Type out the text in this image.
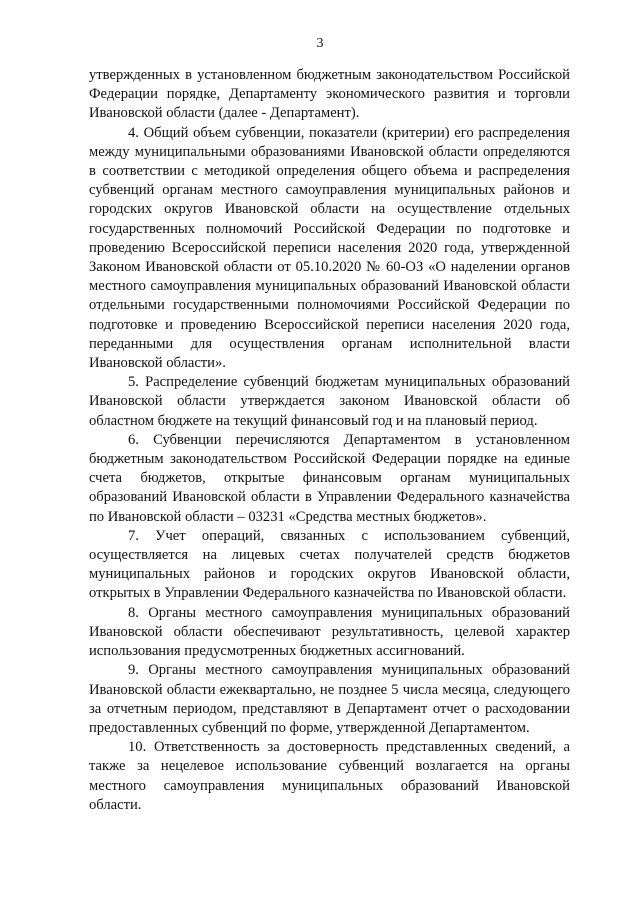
3

утвержденных в установленном бюджетным законодательством Российской Федерации порядке, Департаменту экономического развития и торговли Ивановской области (далее - Департамент).

4. Общий объем субвенции, показатели (критерии) его распределения между муниципальными образованиями Ивановской области определяются в соответствии с методикой определения общего объема и распределения субвенций органам местного самоуправления муниципальных районов и городских округов Ивановской области на осуществление отдельных государственных полномочий Российской Федерации по подготовке и проведению Всероссийской переписи населения 2020 года, утвержденной Законом Ивановской области от 05.10.2020 № 60-ОЗ «О наделении органов местного самоуправления муниципальных образований Ивановской области отдельными государственными полномочиями Российской Федерации по подготовке и проведению Всероссийской переписи населения 2020 года, переданными для осуществления органам исполнительной власти Ивановской области».

5. Распределение субвенций бюджетам муниципальных образований Ивановской области утверждается законом Ивановской области об областном бюджете на текущий финансовый год и на плановый период.

6. Субвенции перечисляются Департаментом в установленном бюджетным законодательством Российской Федерации порядке на единые счета бюджетов, открытые финансовым органам муниципальных образований Ивановской области в Управлении Федерального казначейства по Ивановской области – 03231 «Средства местных бюджетов».

7. Учет операций, связанных с использованием субвенций, осуществляется на лицевых счетах получателей средств бюджетов муниципальных районов и городских округов Ивановской области, открытых в Управлении Федерального казначейства по Ивановской области.

8. Органы местного самоуправления муниципальных образований Ивановской области обеспечивают результативность, целевой характер использования предусмотренных бюджетных ассигнований.

9. Органы местного самоуправления муниципальных образований Ивановской области ежеквартально, не позднее 5 числа месяца, следующего за отчетным периодом, представляют в Департамент отчет о расходовании предоставленных субвенций по форме, утвержденной Департаментом.

10. Ответственность за достоверность представленных сведений, а также за нецелевое использование субвенций возлагается на органы местного самоуправления муниципальных образований Ивановской области.
